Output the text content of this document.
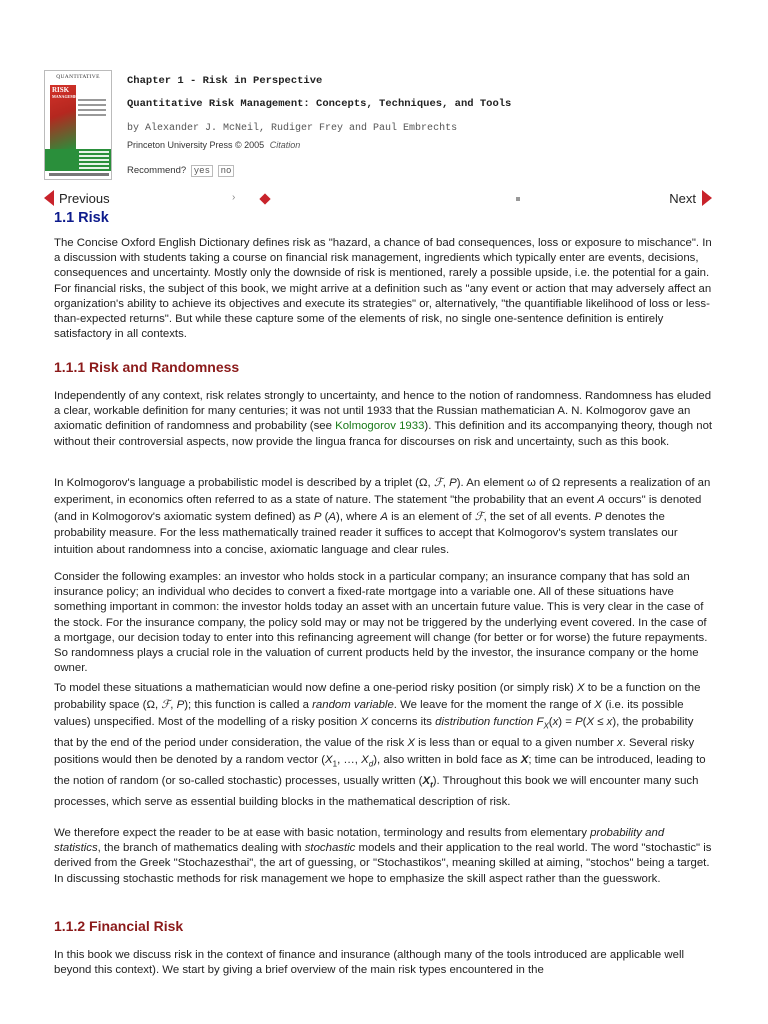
QUANTITATIVE
RISK
MANAGEMENT
Chapter 1 - Risk in Perspective
Quantitative Risk Management: Concepts, Techniques, and Tools
by Alexander J. McNeil, Rudiger Frey and Paul Embrechts
Princeton University Press © 2005 Citation
Recommend? yes no
Previous	›	Next
1.1 Risk

The Concise Oxford English Dictionary defines risk as "hazard, a chance of bad consequences, loss or exposure to mischance". In a discussion with students taking a course on financial risk management, ingredients which typically enter are events, decisions, consequences and uncertainty. Mostly only the downside of risk is mentioned, rarely a possible upside, i.e. the potential for a gain. For financial risks, the subject of this book, we might arrive at a definition such as "any event or action that may adversely affect an organization's ability to achieve its objectives and execute its strategies" or, alternatively, "the quantifiable likelihood of loss or less-than-expected returns". But while these capture some of the elements of risk, no single one-sentence definition is entirely satisfactory in all contexts.

1.1.1 Risk and Randomness

Independently of any context, risk relates strongly to uncertainty, and hence to the notion of randomness. Randomness has eluded a clear, workable definition for many centuries; it was not until 1933 that the Russian mathematician A. N. Kolmogorov gave an axiomatic definition of randomness and probability (see Kolmogorov 1933). This definition and its accompanying theory, though not without their controversial aspects, now provide the lingua franca for discourses on risk and uncertainty, such as this book.

In Kolmogorov's language a probabilistic model is described by a triplet (Ω, ℱ, P). An element ω of Ω represents a realization of an experiment, in economics often referred to as a state of nature. The statement "the probability that an event A occurs" is denoted (and in Kolmogorov's axiomatic system defined) as P (A), where A is an element of ℱ, the set of all events. P denotes the probability measure. For the less mathematically trained reader it suffices to accept that Kolmogorov's system translates our intuition about randomness into a concise, axiomatic language and clear rules.

Consider the following examples: an investor who holds stock in a particular company; an insurance company that has sold an insurance policy; an individual who decides to convert a fixed-rate mortgage into a variable one. All of these situations have something important in common: the investor holds today an asset with an uncertain future value. This is very clear in the case of the stock. For the insurance company, the policy sold may or may not be triggered by the underlying event covered. In the case of a mortgage, our decision today to enter into this refinancing agreement will change (for better or for worse) the future repayments. So randomness plays a crucial role in the valuation of current products held by the investor, the insurance company or the home owner.

To model these situations a mathematician would now define a one-period risky position (or simply risk) X to be a function on the probability space (Ω, ℱ, P); this function is called a random variable. We leave for the moment the range of X (i.e. its possible values) unspecified. Most of the modelling of a risky position X concerns its distribution function $F_X(x) = P(X \le x)$, the probability that by the end of the period under consideration, the value of the risk X is less than or equal to a given number x. Several risky positions would then be denoted by a random vector ($X_1$, …, $X_d$), also written in bold face as X; time can be introduced, leading to the notion of random (or so-called stochastic) processes, usually written $(X_t)$. Throughout this book we will encounter many such processes, which serve as essential building blocks in the mathematical description of risk.

We therefore expect the reader to be at ease with basic notation, terminology and results from elementary probability and statistics, the branch of mathematics dealing with stochastic models and their application to the real world. The word "stochastic" is derived from the Greek "Stochazesthai", the art of guessing, or "Stochastikos", meaning skilled at aiming, "stochos" being a target. In discussing stochastic methods for risk management we hope to emphasize the skill aspect rather than the guesswork.

1.1.2 Financial Risk

In this book we discuss risk in the context of finance and insurance (although many of the tools introduced are applicable well beyond this context). We start by giving a brief overview of the main risk types encountered in the
